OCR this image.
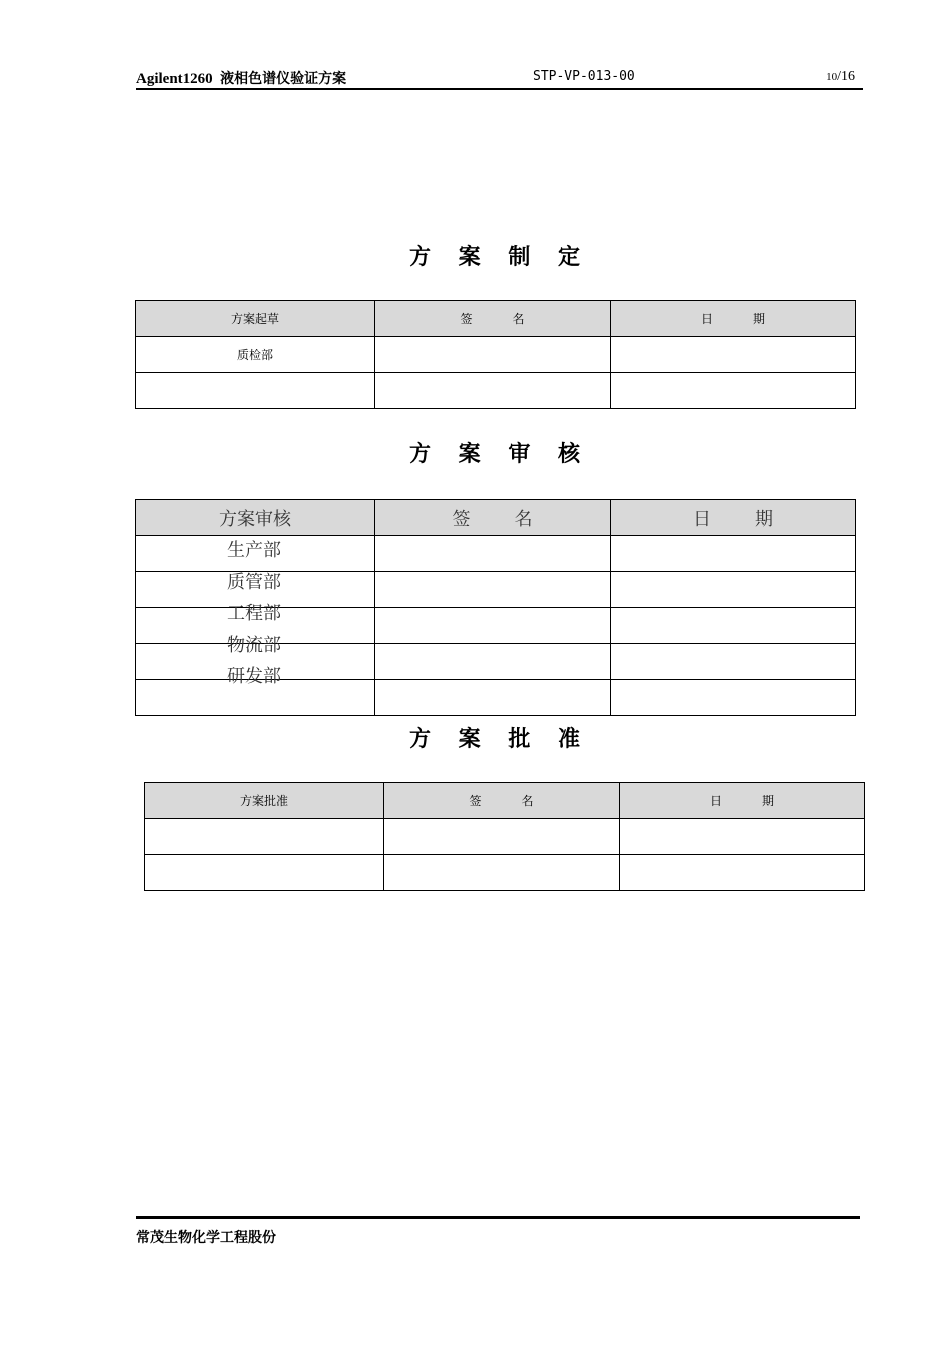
Agilent1260 液相色谱仪验证方案	STP-VP-013-00	10/16
方 案 制 定
方案起草	签 名	日 期
质检部		

方 案 审 核
方案审核	签 名	日 期

生产部
质管部
工程部
物流部
研发部
方 案 批 准
方案批准	签 名	日 期

常茂生物化学工程股份
